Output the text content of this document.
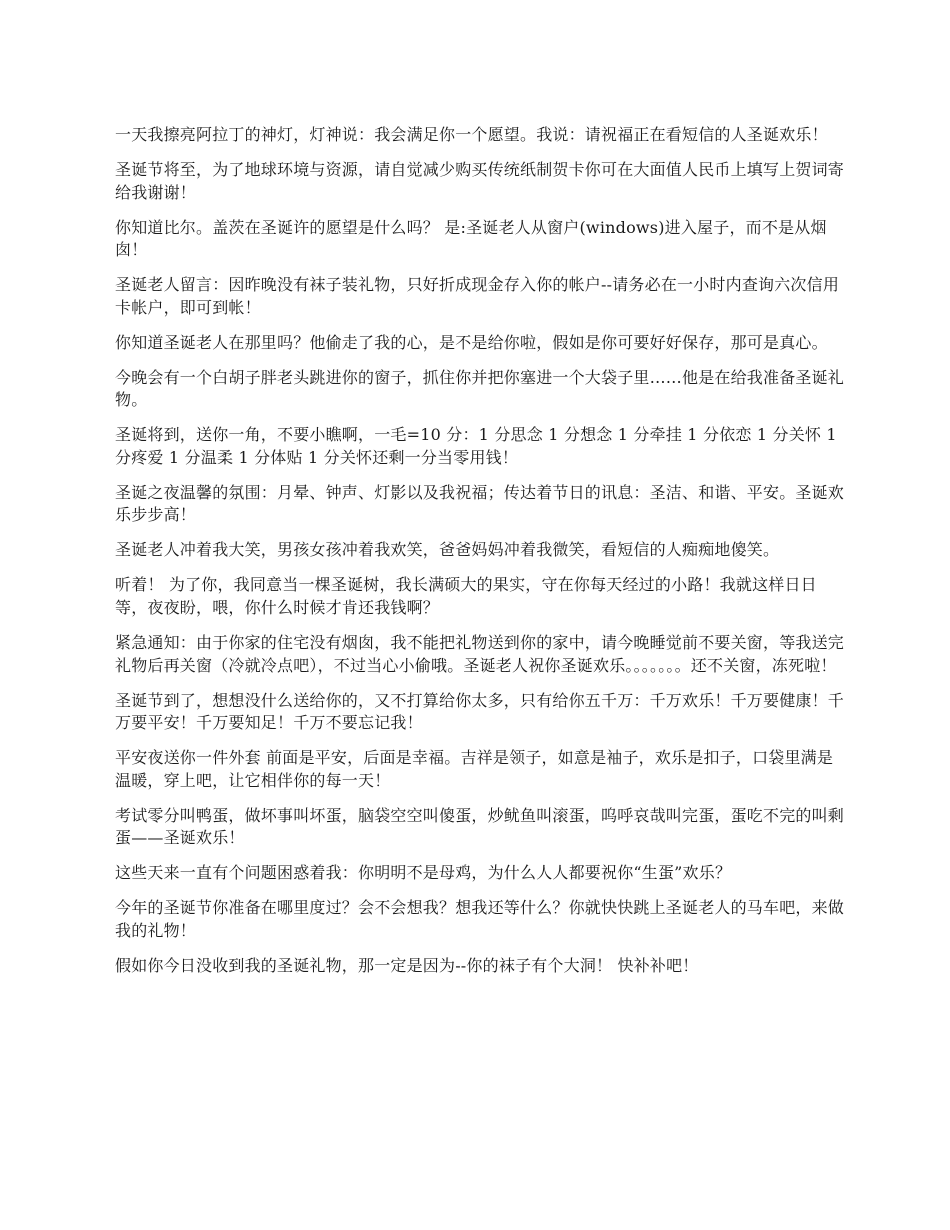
一天我擦亮阿拉丁的神灯，灯神说：我会满足你一个愿望。我说：请祝福正在看短信的人圣诞欢乐！

圣诞节将至，为了地球环境与资源，请自觉减少购买传统纸制贺卡你可在大面值人民币上填写上贺词寄给我谢谢！

你知道比尔。盖茨在圣诞许的愿望是什么吗？ 是:圣诞老人从窗户(windows)进入屋子，而不是从烟囱！

圣诞老人留言：因昨晚没有袜子装礼物，只好折成现金存入你的帐户--请务必在一小时内查询六次信用卡帐户，即可到帐！

你知道圣诞老人在那里吗？他偷走了我的心，是不是给你啦，假如是你可要好好保存，那可是真心。

今晚会有一个白胡子胖老头跳进你的窗子，抓住你并把你塞进一个大袋子里……他是在给我准备圣诞礼物。

圣诞将到，送你一角，不要小瞧啊，一毛=10 分：1 分思念 1 分想念 1 分牵挂 1 分依恋 1 分关怀 1 分疼爱 1 分温柔 1 分体贴 1 分关怀还剩一分当零用钱！

圣诞之夜温馨的氛围：月晕、钟声、灯影以及我祝福；传达着节日的讯息：圣洁、和谐、平安。圣诞欢乐步步高！

圣诞老人冲着我大笑，男孩女孩冲着我欢笑，爸爸妈妈冲着我微笑，看短信的人痴痴地傻笑。

听着！ 为了你，我同意当一棵圣诞树，我长满硕大的果实，守在你每天经过的小路！我就这样日日等，夜夜盼，喂，你什么时候才肯还我钱啊？

紧急通知：由于你家的住宅没有烟囱，我不能把礼物送到你的家中，请今晚睡觉前不要关窗，等我送完礼物后再关窗（冷就冷点吧），不过当心小偷哦。圣诞老人祝你圣诞欢乐。。。。。。。还不关窗，冻死啦！

圣诞节到了，想想没什么送给你的，又不打算给你太多，只有给你五千万：千万欢乐！千万要健康！千万要平安！千万要知足！千万不要忘记我！

平安夜送你一件外套 前面是平安，后面是幸福。吉祥是领子，如意是袖子，欢乐是扣子，口袋里满是温暖，穿上吧，让它相伴你的每一天！

考试零分叫鸭蛋，做坏事叫坏蛋，脑袋空空叫傻蛋，炒鱿鱼叫滚蛋，呜呼哀哉叫完蛋，蛋吃不完的叫剩蛋——圣诞欢乐！

这些天来一直有个问题困惑着我：你明明不是母鸡，为什么人人都要祝你“生蛋”欢乐？

今年的圣诞节你准备在哪里度过？会不会想我？想我还等什么？你就快快跳上圣诞老人的马车吧，来做我的礼物！

假如你今日没收到我的圣诞礼物，那一定是因为--你的袜子有个大洞！ 快补补吧！
